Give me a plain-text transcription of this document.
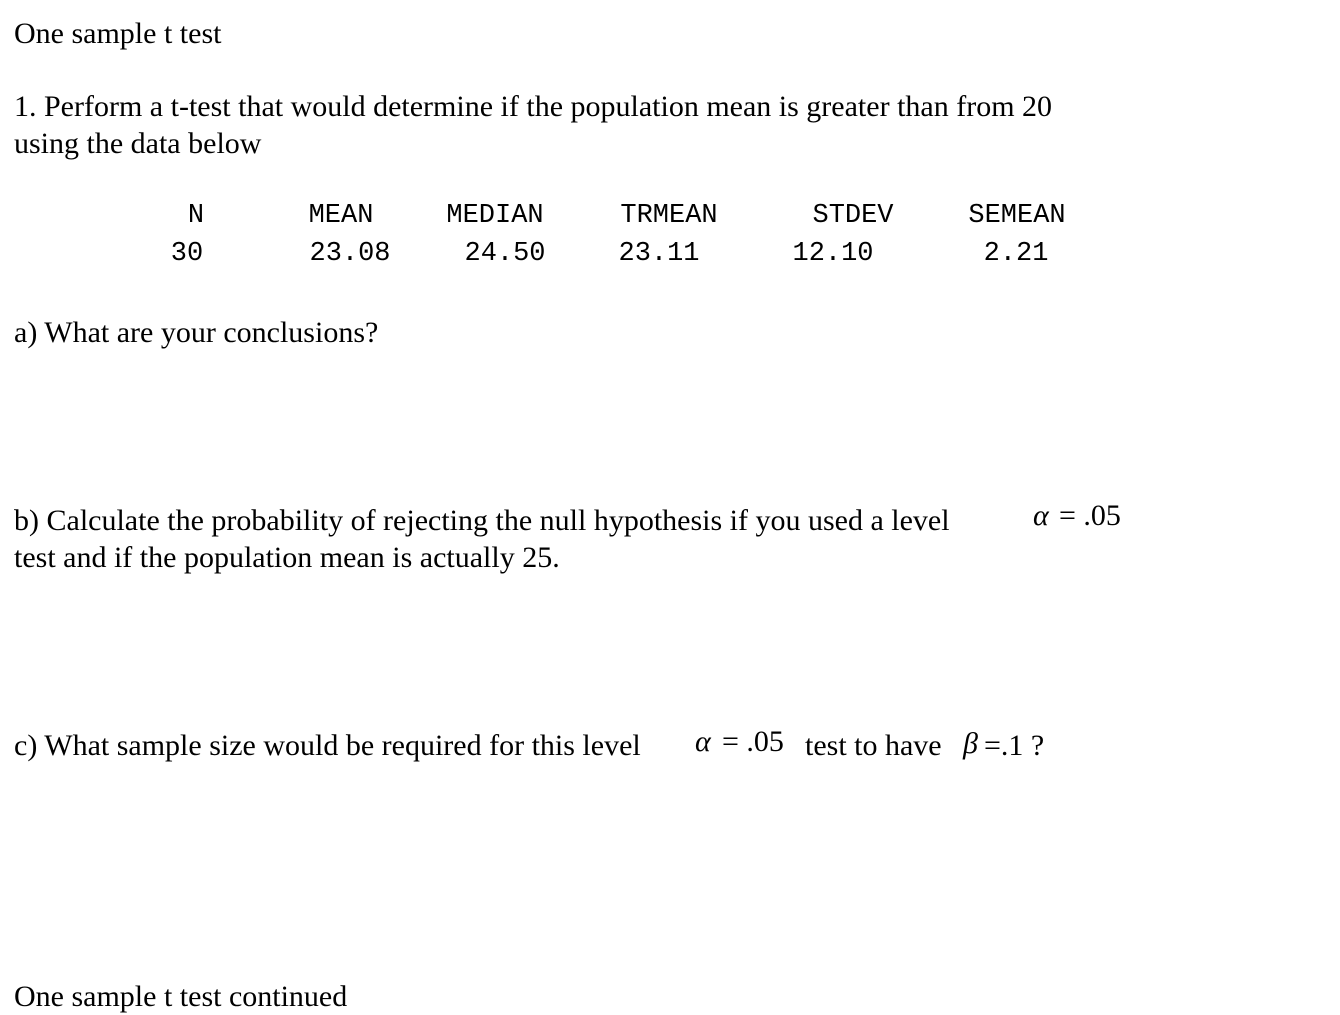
One sample t test
1. Perform a t-test that would determine if the population mean is greater than from 20
using the data below
N	MEAN	MEDIAN	TRMEAN	STDEV	SEMEAN
30	23.08	24.50	23.11	12.10	2.21
a) What are your conclusions?
b) Calculate the probability of rejecting the null hypothesis if you used a level	α = .05
test and if the population mean is actually 25.
c) What sample size would be required for this level α = .05 test to have β =.1 ?
One sample t test continued
